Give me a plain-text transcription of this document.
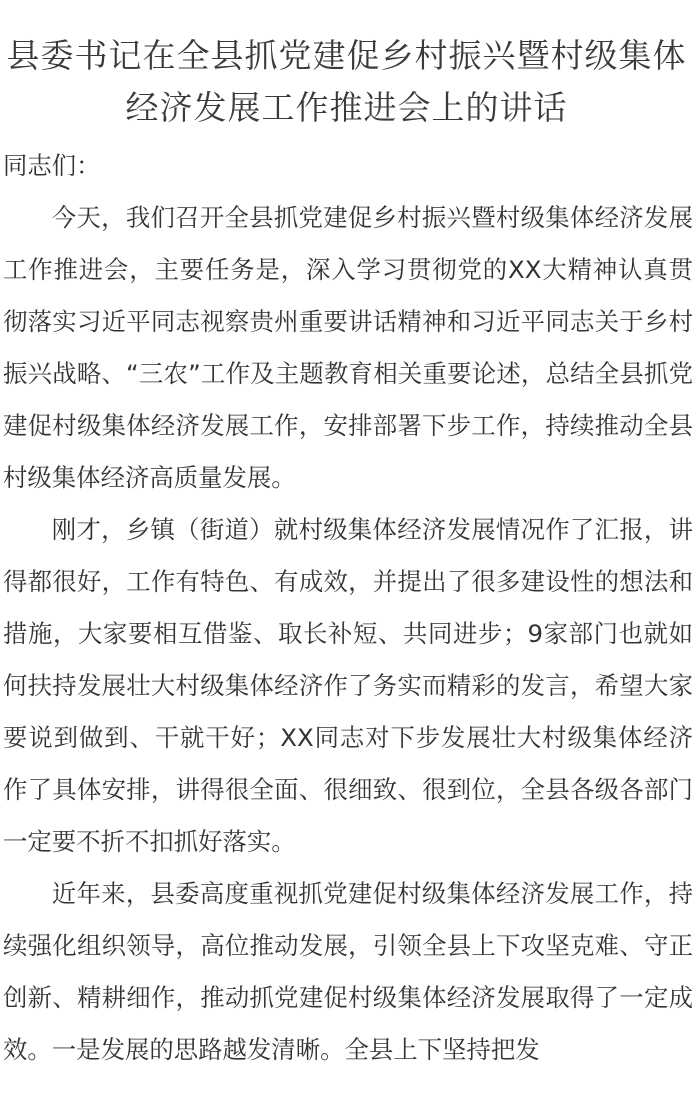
县委书记在全县抓党建促乡村振兴暨村级集体经济发展工作推进会上的讲话

同志们：

今天，我们召开全县抓党建促乡村振兴暨村级集体经济发展工作推进会，主要任务是，深入学习贯彻党的XX大精神认真贯彻落实习近平同志视察贵州重要讲话精神和习近平同志关于乡村振兴战略、“三农”工作及主题教育相关重要论述，总结全县抓党建促村级集体经济发展工作，安排部署下步工作，持续推动全县村级集体经济高质量发展。

刚才，乡镇（街道）就村级集体经济发展情况作了汇报，讲得都很好，工作有特色、有成效，并提出了很多建设性的想法和措施，大家要相互借鉴、取长补短、共同进步；9家部门也就如何扶持发展壮大村级集体经济作了务实而精彩的发言，希望大家要说到做到、干就干好；XX同志对下步发展壮大村级集体经济作了具体安排，讲得很全面、很细致、很到位，全县各级各部门一定要不折不扣抓好落实。

近年来，县委高度重视抓党建促村级集体经济发展工作，持续强化组织领导，高位推动发展，引领全县上下攻坚克难、守正创新、精耕细作，推动抓党建促村级集体经济发展取得了一定成效。一是发展的思路越发清晰。全县上下坚持把发
